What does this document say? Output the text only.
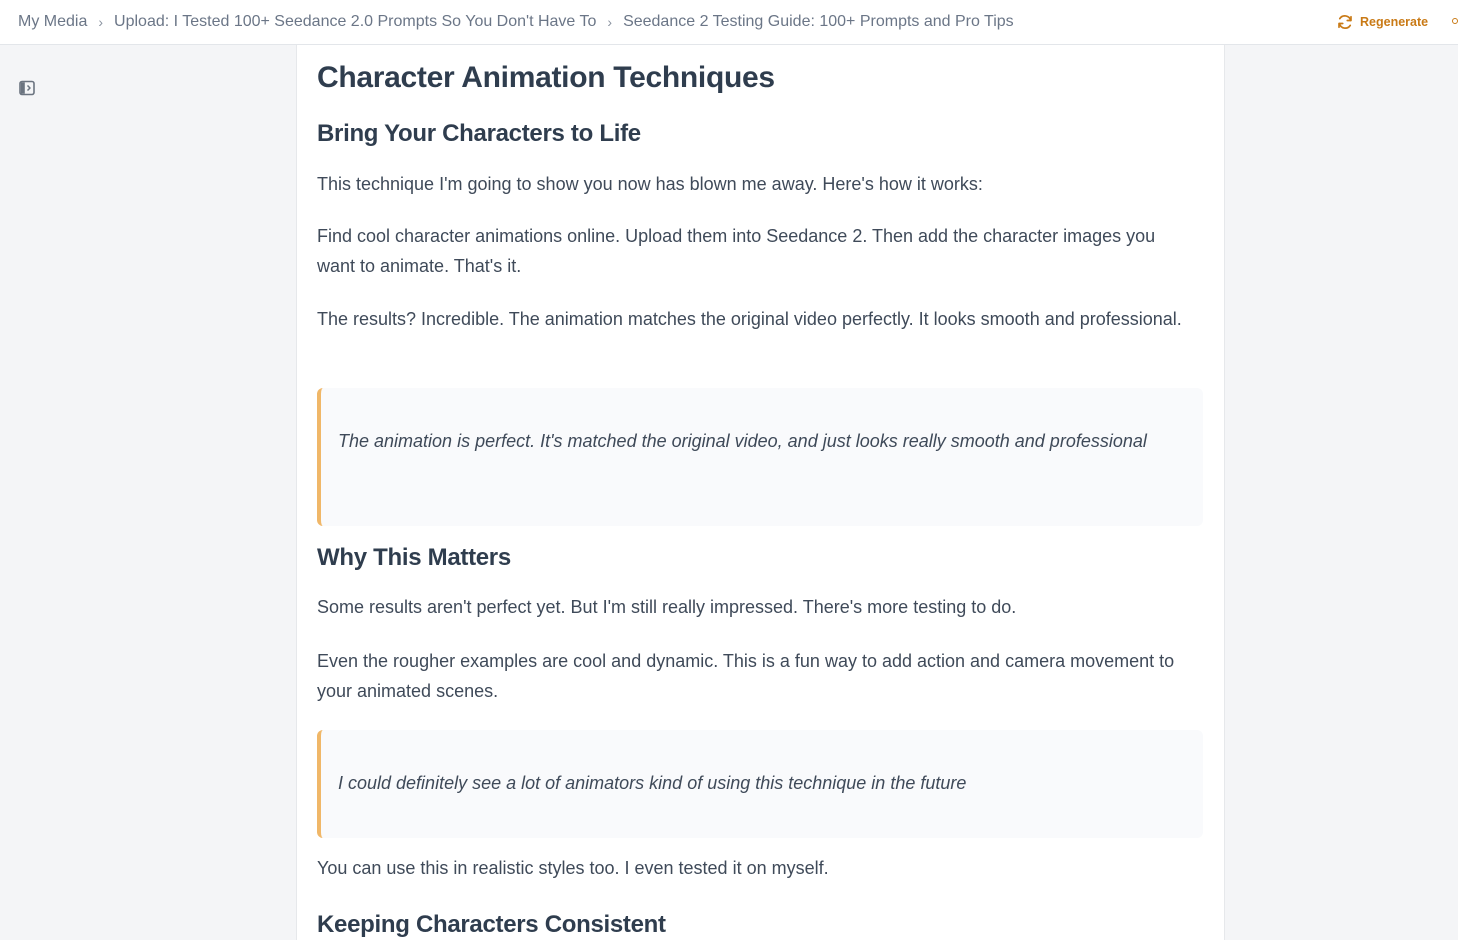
My Media › Upload: I Tested 100+ Seedance 2.0 Prompts So You Don't Have To › Seedance 2 Testing Guide: 100+ Prompts and Pro Tips	Regenerate
Character Animation Techniques
Bring Your Characters to Life

This technique I'm going to show you now has blown me away. Here's how it works:

Find cool character animations online. Upload them into Seedance 2. Then add the character images you want to animate. That's it.

The results? Incredible. The animation matches the original video perfectly. It looks smooth and professional.

The animation is perfect. It's matched the original video, and just looks really smooth and professional

Why This Matters

Some results aren't perfect yet. But I'm still really impressed. There's more testing to do.

Even the rougher examples are cool and dynamic. This is a fun way to add action and camera movement to your animated scenes.

I could definitely see a lot of animators kind of using this technique in the future

You can use this in realistic styles too. I even tested it on myself.

Keeping Characters Consistent
